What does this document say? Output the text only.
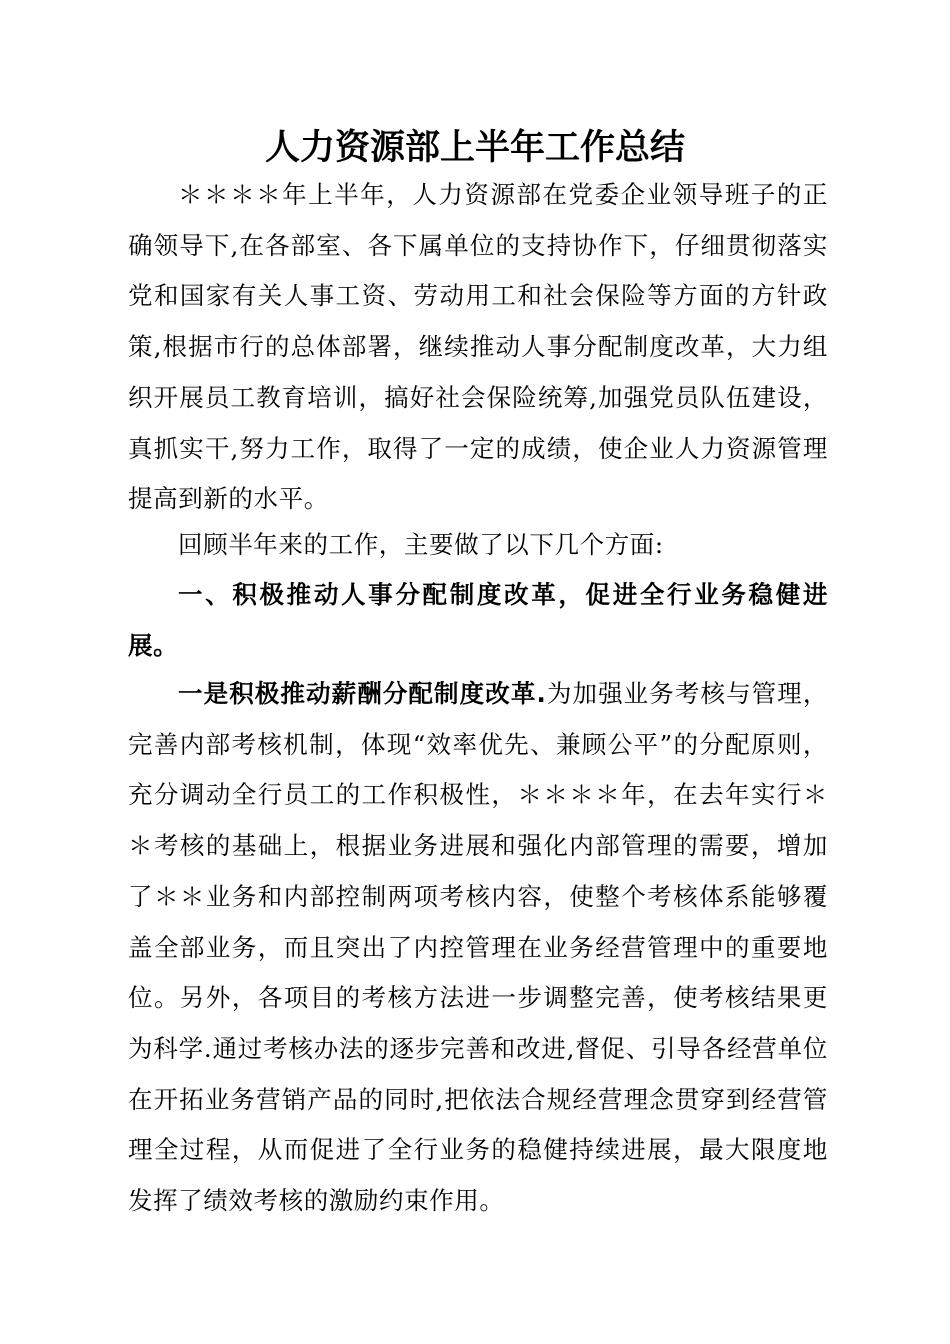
人力资源部上半年工作总结

＊＊＊＊年上半年，人力资源部在党委企业领导班子的正确领导下,在各部室、各下属单位的支持协作下，仔细贯彻落实党和国家有关人事工资、劳动用工和社会保险等方面的方针政策,根据市行的总体部署，继续推动人事分配制度改革，大力组织开展员工教育培训，搞好社会保险统筹,加强党员队伍建设，真抓实干,努力工作，取得了一定的成绩，使企业人力资源管理提高到新的水平。

回顾半年来的工作，主要做了以下几个方面:

一、积极推动人事分配制度改革，促进全行业务稳健进展。

一是积极推动薪酬分配制度改革.为加强业务考核与管理，完善内部考核机制，体现“效率优先、兼顾公平”的分配原则，充分调动全行员工的工作积极性，＊＊＊＊年，在去年实行＊＊考核的基础上，根据业务进展和强化内部管理的需要，增加了＊＊业务和内部控制两项考核内容，使整个考核体系能够覆盖全部业务，而且突出了内控管理在业务经营管理中的重要地位。另外，各项目的考核方法进一步调整完善，使考核结果更为科学.通过考核办法的逐步完善和改进,督促、引导各经营单位在开拓业务营销产品的同时,把依法合规经营理念贯穿到经营管理全过程，从而促进了全行业务的稳健持续进展，最大限度地发挥了绩效考核的激励约束作用。
